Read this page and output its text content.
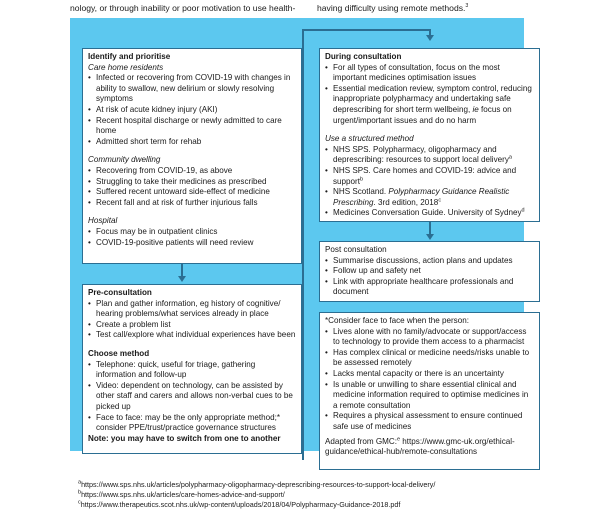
nology, or through inability or poor motivation to use health-	having difficulty using remote methods.$^3$
Identify and prioritise
Care home residents
• Infected or recovering from COVID-19 with changes in ability to swallow, new delirium or slowly resolving symptoms
• At risk of acute kidney injury (AKI)
• Recent hospital discharge or newly admitted to care home
• Admitted short term for rehab
Community dwelling
• Recovering from COVID-19, as above
• Struggling to take their medicines as prescribed
• Suffered recent untoward side-effect of medicine
• Recent fall and at risk of further injurious falls
Hospital
• Focus may be in outpatient clinics
• COVID-19-positive patients will need review
Pre-consultation
• Plan and gather information, eg history of cognitive/ hearing problems/what services already in place
• Create a problem list
• Test call/explore what individual experiences have been
Choose method
• Telephone: quick, useful for triage, gathering information and follow-up
• Video: dependent on technology, can be assisted by other staff and carers and allows non-verbal cues to be picked up
• Face to face: may be the only appropriate method;* consider PPE/trust/practice governance structures
Note: you may have to switch from one to another
During consultation
• For all types of consultation, focus on the most important medicines optimisation issues
• Essential medication review, symptom control, reducing inappropriate polypharmacy and undertaking safe deprescribing for short term wellbeing, ie focus on urgent/important issues and do no harm
Use a structured method
• NHS SPS. Polypharmacy, oligopharmacy and deprescribing: resources to support local delivery$^a$
• NHS SPS. Care homes and COVID-19: advice and support$^b$
• NHS Scotland. Polypharmacy Guidance Realistic Prescribing. 3rd edition, 2018$^c$
• Medicines Conversation Guide. University of Sydney$^d$
Post consultation
• Summarise discussions, action plans and updates
• Follow up and safety net
• Link with appropriate healthcare professionals and document
*Consider face to face when the person:
• Lives alone with no family/advocate or support/access to technology to provide them access to a pharmacist
• Has complex clinical or medicine needs/risks unable to be assessed remotely
• Lacks mental capacity or there is an uncertainty
• Is unable or unwilling to share essential clinical and medicine information required to optimise medicines in a remote consultation
• Requires a physical assessment to ensure continued safe use of medicines
Adapted from GMC:$^e$ https://www.gmc-uk.org/ethical-guidance/ethical-hub/remote-consultations
$^a$https://www.sps.nhs.uk/articles/polypharmacy-oligopharmacy-deprescribing-resources-to-support-local-delivery/
$^b$https://www.sps.nhs.uk/articles/care-homes-advice-and-support/
$^c$https://www.therapeutics.scot.nhs.uk/wp-content/uploads/2018/04/Polypharmacy-Guidance-2018.pdf
